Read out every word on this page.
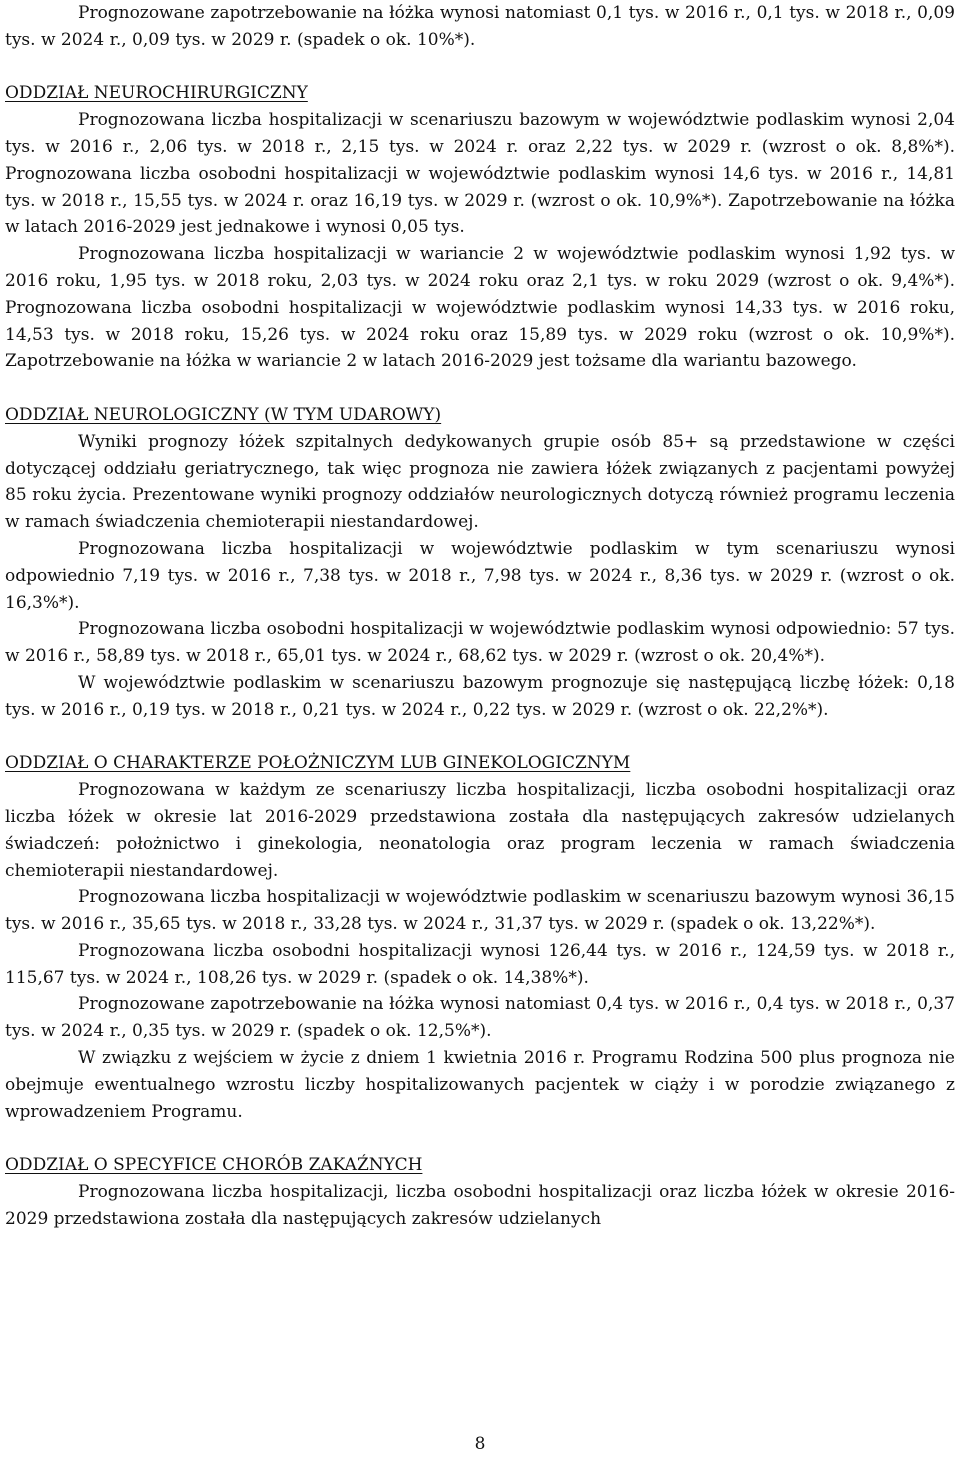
Prognozowane zapotrzebowanie na łóżka wynosi natomiast 0,1 tys. w 2016 r., 0,1 tys. w 2018 r., 0,09 tys. w 2024 r., 0,09 tys. w 2029 r. (spadek o ok. 10%*).

ODDZIAŁ NEUROCHIRURGICZNY

Prognozowana liczba hospitalizacji w scenariuszu bazowym w województwie podlaskim wynosi 2,04 tys. w 2016 r., 2,06 tys. w 2018 r., 2,15 tys. w 2024 r. oraz 2,22 tys. w 2029 r. (wzrost o ok. 8,8%*). Prognozowana liczba osobodni hospitalizacji w województwie podlaskim wynosi 14,6 tys. w 2016 r., 14,81 tys. w 2018 r., 15,55 tys. w 2024 r. oraz 16,19 tys. w 2029 r. (wzrost o ok. 10,9%*). Zapotrzebowanie na łóżka w latach 2016-2029 jest jednakowe i wynosi 0,05 tys.

Prognozowana liczba hospitalizacji w wariancie 2 w województwie podlaskim wynosi 1,92 tys. w 2016 roku, 1,95 tys. w 2018 roku, 2,03 tys. w 2024 roku oraz 2,1 tys. w roku 2029 (wzrost o ok. 9,4%*). Prognozowana liczba osobodni hospitalizacji w województwie podlaskim wynosi 14,33 tys. w 2016 roku, 14,53 tys. w 2018 roku, 15,26 tys. w 2024 roku oraz 15,89 tys. w 2029 roku (wzrost o ok. 10,9%*). Zapotrzebowanie na łóżka w wariancie 2 w latach 2016-2029 jest tożsame dla wariantu bazowego.

ODDZIAŁ NEUROLOGICZNY (W TYM UDAROWY)

Wyniki prognozy łóżek szpitalnych dedykowanych grupie osób 85+ są przedstawione w części dotyczącej oddziału geriatrycznego, tak więc prognoza nie zawiera łóżek związanych z pacjentami powyżej 85 roku życia. Prezentowane wyniki prognozy oddziałów neurologicznych dotyczą również programu leczenia w ramach świadczenia chemioterapii niestandardowej.

Prognozowana liczba hospitalizacji w województwie podlaskim w tym scenariuszu wynosi odpowiednio 7,19 tys. w 2016 r., 7,38 tys. w 2018 r., 7,98 tys. w 2024 r., 8,36 tys. w 2029 r. (wzrost o ok. 16,3%*).

Prognozowana liczba osobodni hospitalizacji w województwie podlaskim wynosi odpowiednio: 57 tys. w 2016 r., 58,89 tys. w 2018 r., 65,01 tys. w 2024 r., 68,62 tys. w 2029 r. (wzrost o ok. 20,4%*).

W województwie podlaskim w scenariuszu bazowym prognozuje się następującą liczbę łóżek: 0,18 tys. w 2016 r., 0,19 tys. w 2018 r., 0,21 tys. w 2024 r., 0,22 tys. w 2029 r. (wzrost o ok. 22,2%*).

ODDZIAŁ O CHARAKTERZE POŁOŻNICZYM LUB GINEKOLOGICZNYM

Prognozowana w każdym ze scenariuszy liczba hospitalizacji, liczba osobodni hospitalizacji oraz liczba łóżek w okresie lat 2016-2029 przedstawiona została dla następujących zakresów udzielanych świadczeń: położnictwo i ginekologia, neonatologia oraz program leczenia w ramach świadczenia chemioterapii niestandardowej.

Prognozowana liczba hospitalizacji w województwie podlaskim w scenariuszu bazowym wynosi 36,15 tys. w 2016 r., 35,65 tys. w 2018 r., 33,28 tys. w 2024 r., 31,37 tys. w 2029 r. (spadek o ok. 13,22%*).

Prognozowana liczba osobodni hospitalizacji wynosi 126,44 tys. w 2016 r., 124,59 tys. w 2018 r., 115,67 tys. w 2024 r., 108,26 tys. w 2029 r. (spadek o ok. 14,38%*).

Prognozowane zapotrzebowanie na łóżka wynosi natomiast 0,4 tys. w 2016 r., 0,4 tys. w 2018 r., 0,37 tys. w 2024 r., 0,35 tys. w 2029 r. (spadek o ok. 12,5%*).

W związku z wejściem w życie z dniem 1 kwietnia 2016 r. Programu Rodzina 500 plus prognoza nie obejmuje ewentualnego wzrostu liczby hospitalizowanych pacjentek w ciąży i w porodzie związanego z wprowadzeniem Programu.

ODDZIAŁ O SPECYFICE CHORÓB ZAKAŹNYCH

Prognozowana liczba hospitalizacji, liczba osobodni hospitalizacji oraz liczba łóżek w okresie 2016-2029 przedstawiona została dla następujących zakresów udzielanych

8
